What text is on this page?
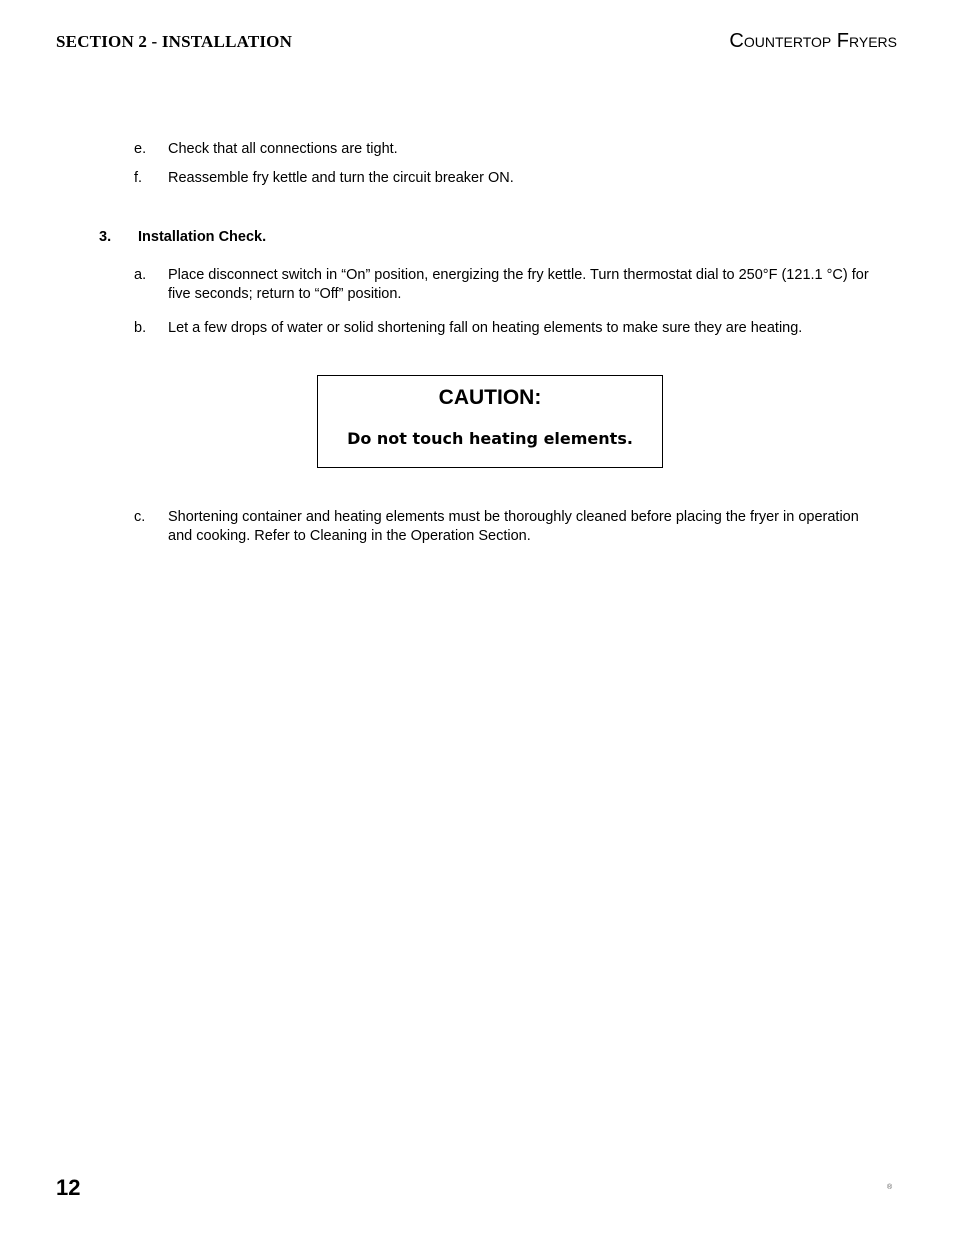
SECTION 2 - INSTALLATION	Countertop Fryers
e. Check that all connections are tight.
f. Reassemble fry kettle and turn the circuit breaker ON.
3. Installation Check.
a. Place disconnect switch in “On” position, energizing the fry kettle. Turn thermostat dial to 250°F (121.1 °C) for five seconds; return to “Off” position.
b. Let a few drops of water or solid shortening fall on heating elements to make sure they are heating.
CAUTION:
Do not touch heating elements.
c. Shortening container and heating elements must be thoroughly cleaned before placing the fryer in operation and cooking. Refer to Cleaning in the Operation Section.
12	®
